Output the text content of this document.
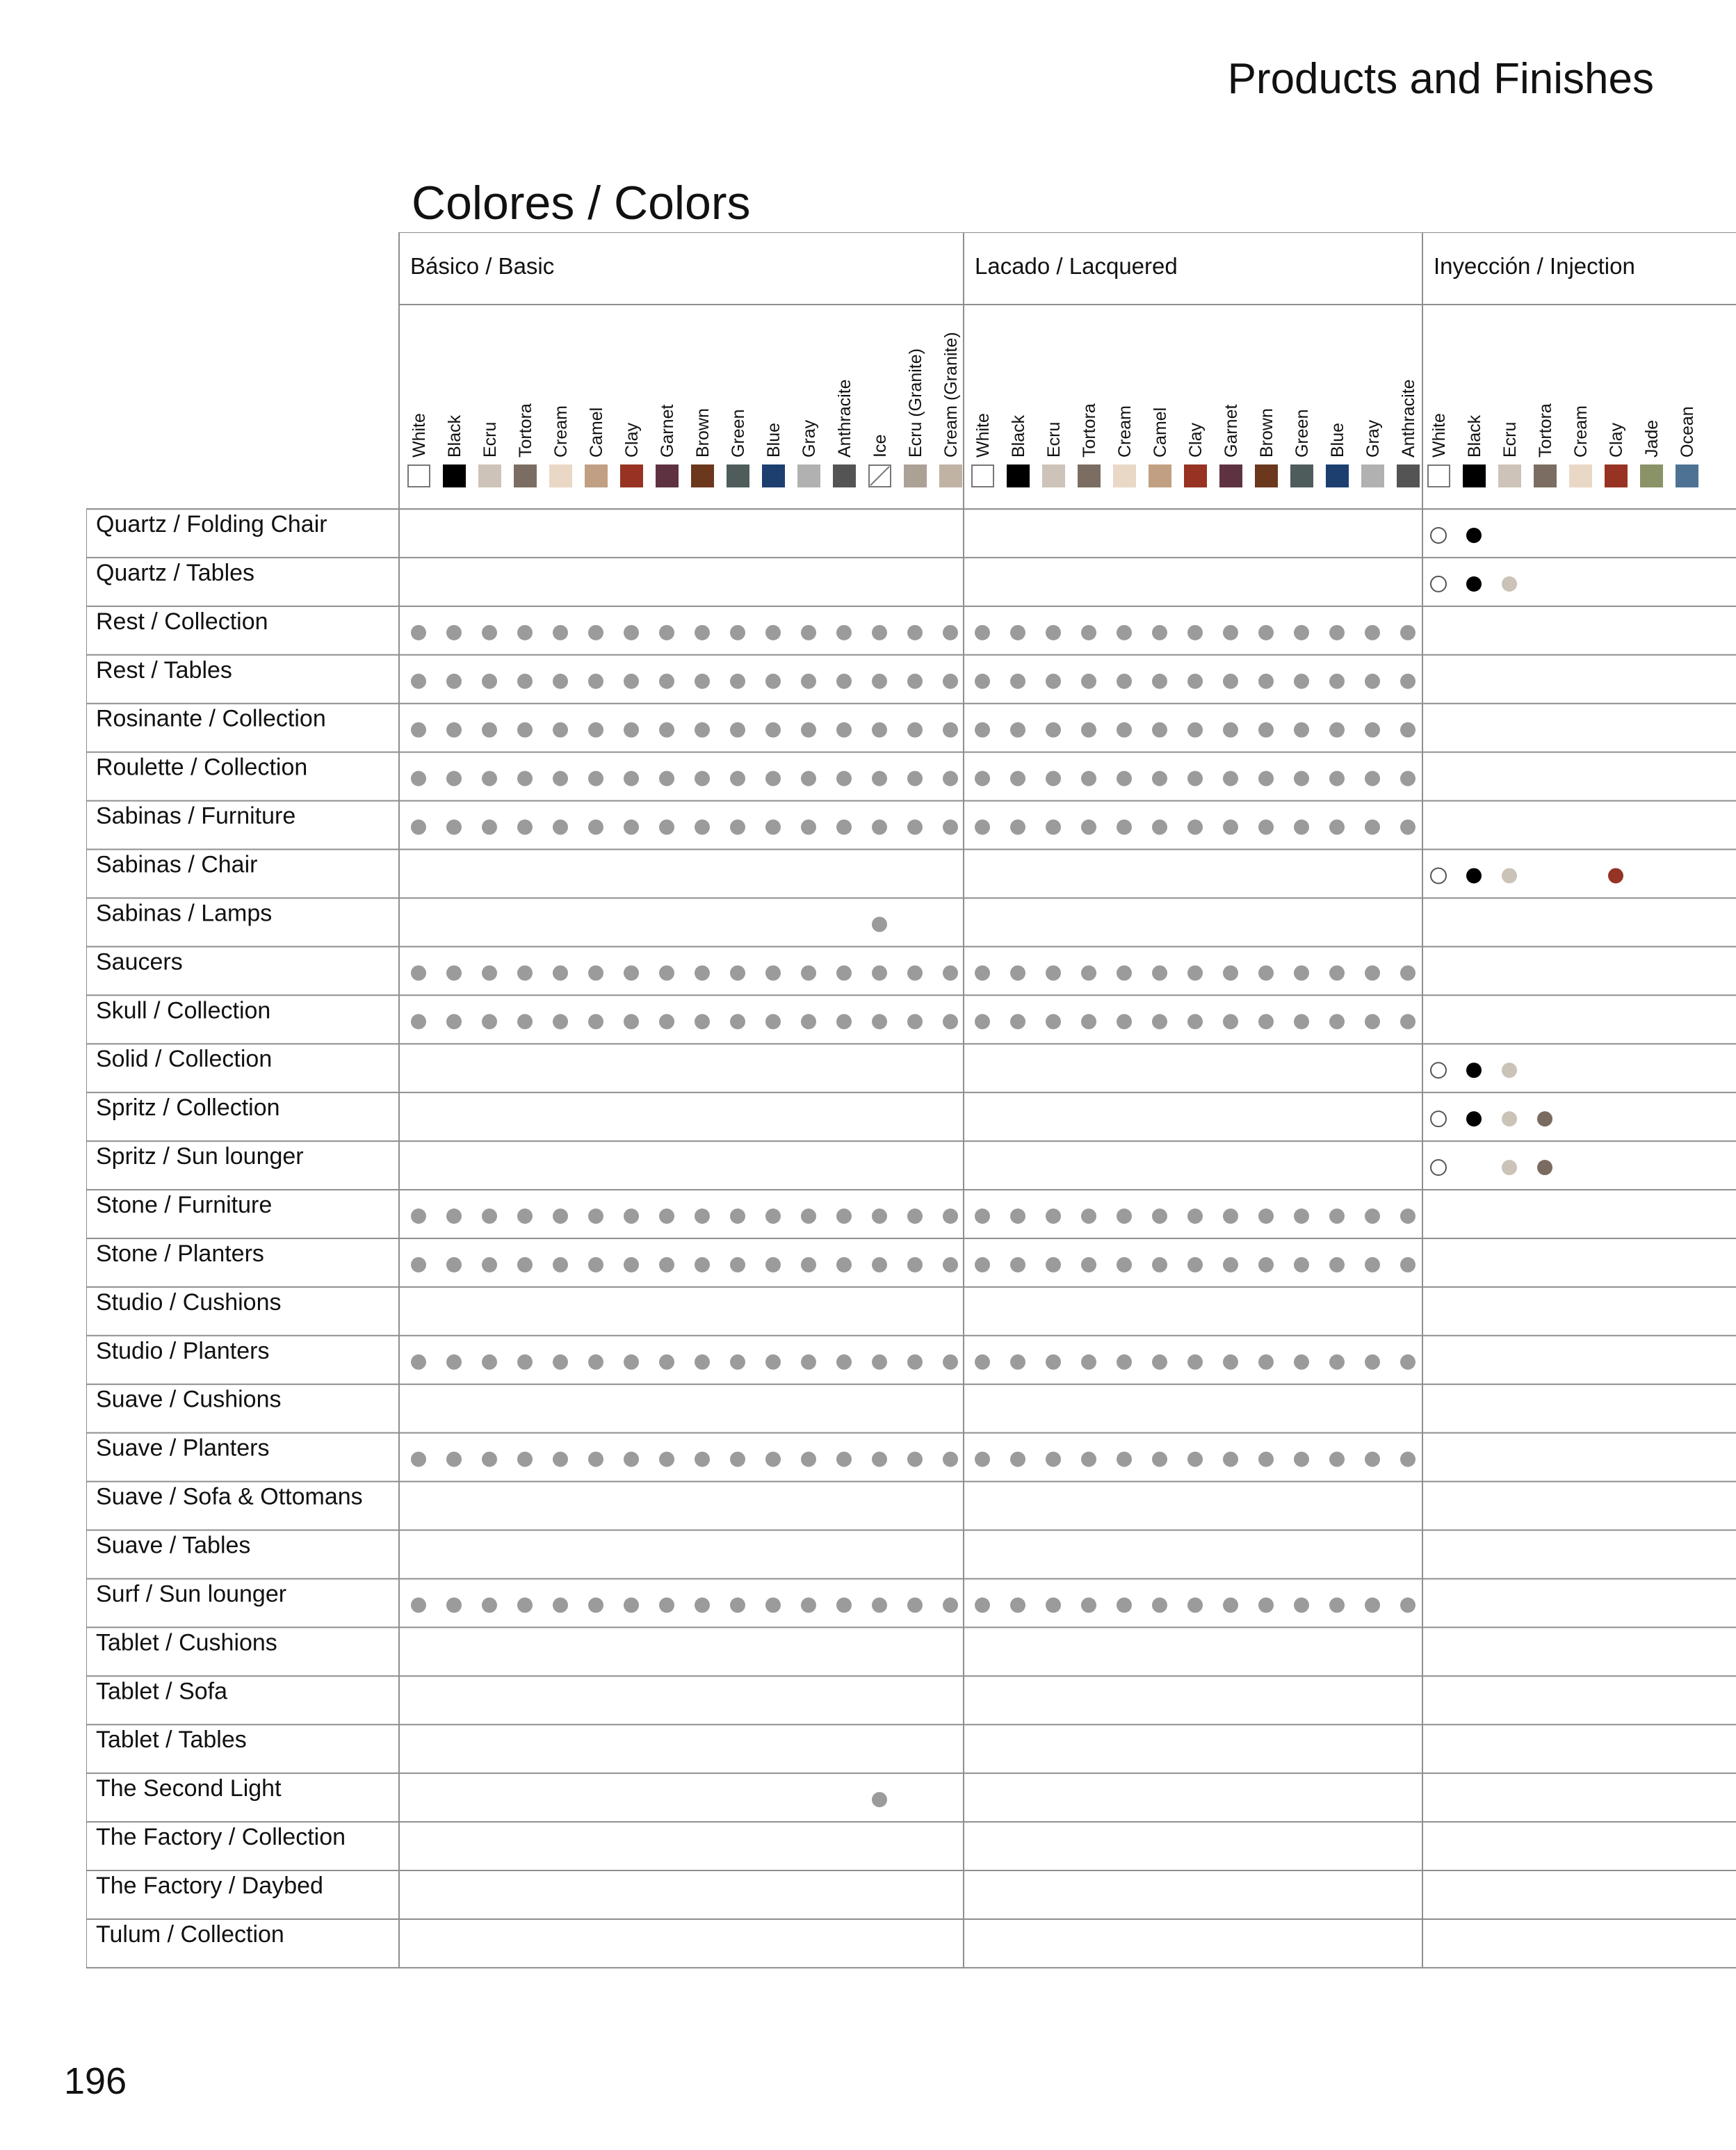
Products and Finishes
Colores / Colors
Básico / Basic
White Black Ecru Tortora Cream Camel Clay Garnet Brown Green Blue Gray Anthracite Ice Ecru (Granite) Cream (Granite)
Lacado / Lacquered
White Black Ecru Tortora Cream Camel Clay Garnet Brown Green Blue Gray Anthracite
Inyección / Injection
White Black Ecru Tortora Cream Clay Jade Ocean
Quartz / Folding Chair
Quartz / Tables
Rest / Collection
Rest / Tables
Rosinante / Collection
Roulette / Collection
Sabinas / Furniture
Sabinas / Chair
Sabinas / Lamps
Saucers
Skull / Collection
Solid / Collection
Spritz / Collection
Spritz / Sun lounger
Stone / Furniture
Stone / Planters
Studio / Cushions
Studio / Planters
Suave / Cushions
Suave / Planters
Suave / Sofa & Ottomans
Suave / Tables
Surf / Sun lounger
Tablet / Cushions
Tablet / Sofa
Tablet / Tables
The Second Light
The Factory / Collection
The Factory / Daybed
Tulum / Collection
196
